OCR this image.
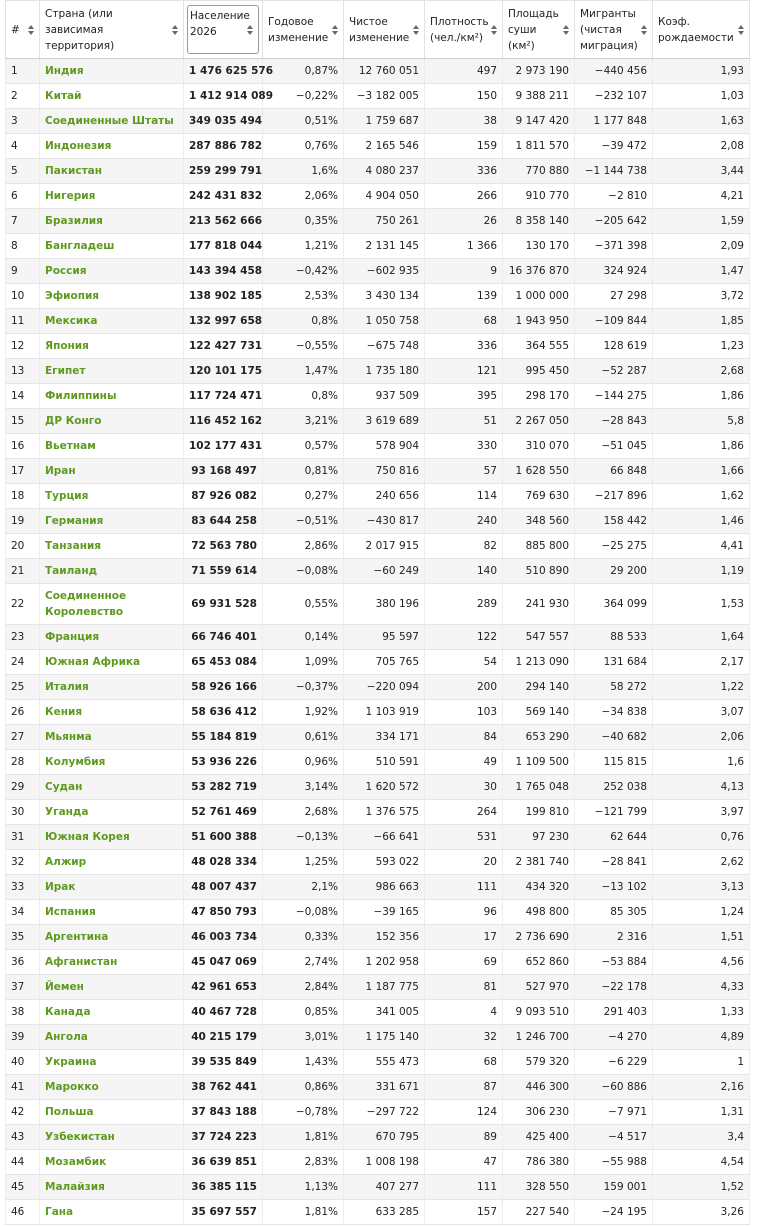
#	Страна (или зависимая территория)	Население 2026	Годовое изменение	Чистое изменение	Плотность (чел./км²)	Площадь суши (км²)	Мигранты (чистая миграция)	Коэф. рождаемости

1	Индия	1 476 625 576	0,87%	12 760 051	497	2 973 190	−440 456	1,93
2	Китай	1 412 914 089	−0,22%	−3 182 005	150	9 388 211	−232 107	1,03
3	Соединенные Штаты	349 035 494	0,51%	1 759 687	38	9 147 420	1 177 848	1,63
4	Индонезия	287 886 782	0,76%	2 165 546	159	1 811 570	−39 472	2,08
5	Пакистан	259 299 791	1,6%	4 080 237	336	770 880	−1 144 738	3,44
6	Нигерия	242 431 832	2,06%	4 904 050	266	910 770	−2 810	4,21
7	Бразилия	213 562 666	0,35%	750 261	26	8 358 140	−205 642	1,59
8	Бангладеш	177 818 044	1,21%	2 131 145	1 366	130 170	−371 398	2,09
9	Россия	143 394 458	−0,42%	−602 935	9	16 376 870	324 924	1,47
10	Эфиопия	138 902 185	2,53%	3 430 134	139	1 000 000	27 298	3,72
11	Мексика	132 997 658	0,8%	1 050 758	68	1 943 950	−109 844	1,85
12	Япония	122 427 731	−0,55%	−675 748	336	364 555	128 619	1,23
13	Египет	120 101 175	1,47%	1 735 180	121	995 450	−52 287	2,68
14	Филиппины	117 724 471	0,8%	937 509	395	298 170	−144 275	1,86
15	ДР Конго	116 452 162	3,21%	3 619 689	51	2 267 050	−28 843	5,8
16	Вьетнам	102 177 431	0,57%	578 904	330	310 070	−51 045	1,86
17	Иран	93 168 497	0,81%	750 816	57	1 628 550	66 848	1,66
18	Турция	87 926 082	0,27%	240 656	114	769 630	−217 896	1,62
19	Германия	83 644 258	−0,51%	−430 817	240	348 560	158 442	1,46
20	Танзания	72 563 780	2,86%	2 017 915	82	885 800	−25 275	4,41
21	Таиланд	71 559 614	−0,08%	−60 249	140	510 890	29 200	1,19
22	Соединенное Королевство	69 931 528	0,55%	380 196	289	241 930	364 099	1,53
23	Франция	66 746 401	0,14%	95 597	122	547 557	88 533	1,64
24	Южная Африка	65 453 084	1,09%	705 765	54	1 213 090	131 684	2,17
25	Италия	58 926 166	−0,37%	−220 094	200	294 140	58 272	1,22
26	Кения	58 636 412	1,92%	1 103 919	103	569 140	−34 838	3,07
27	Мьянма	55 184 819	0,61%	334 171	84	653 290	−40 682	2,06
28	Колумбия	53 936 226	0,96%	510 591	49	1 109 500	115 815	1,6
29	Судан	53 282 719	3,14%	1 620 572	30	1 765 048	252 038	4,13
30	Уганда	52 761 469	2,68%	1 376 575	264	199 810	−121 799	3,97
31	Южная Корея	51 600 388	−0,13%	−66 641	531	97 230	62 644	0,76
32	Алжир	48 028 334	1,25%	593 022	20	2 381 740	−28 841	2,62
33	Ирак	48 007 437	2,1%	986 663	111	434 320	−13 102	3,13
34	Испания	47 850 793	−0,08%	−39 165	96	498 800	85 305	1,24
35	Аргентина	46 003 734	0,33%	152 356	17	2 736 690	2 316	1,51
36	Афганистан	45 047 069	2,74%	1 202 958	69	652 860	−53 884	4,56
37	Йемен	42 961 653	2,84%	1 187 775	81	527 970	−22 178	4,33
38	Канада	40 467 728	0,85%	341 005	4	9 093 510	291 403	1,33
39	Ангола	40 215 179	3,01%	1 175 140	32	1 246 700	−4 270	4,89
40	Украина	39 535 849	1,43%	555 473	68	579 320	−6 229	1
41	Марокко	38 762 441	0,86%	331 671	87	446 300	−60 886	2,16
42	Польша	37 843 188	−0,78%	−297 722	124	306 230	−7 971	1,31
43	Узбекистан	37 724 223	1,81%	670 795	89	425 400	−4 517	3,4
44	Мозамбик	36 639 851	2,83%	1 008 198	47	786 380	−55 988	4,54
45	Малайзия	36 385 115	1,13%	407 277	111	328 550	159 001	1,52
46	Гана	35 697 557	1,81%	633 285	157	227 540	−24 195	3,26
